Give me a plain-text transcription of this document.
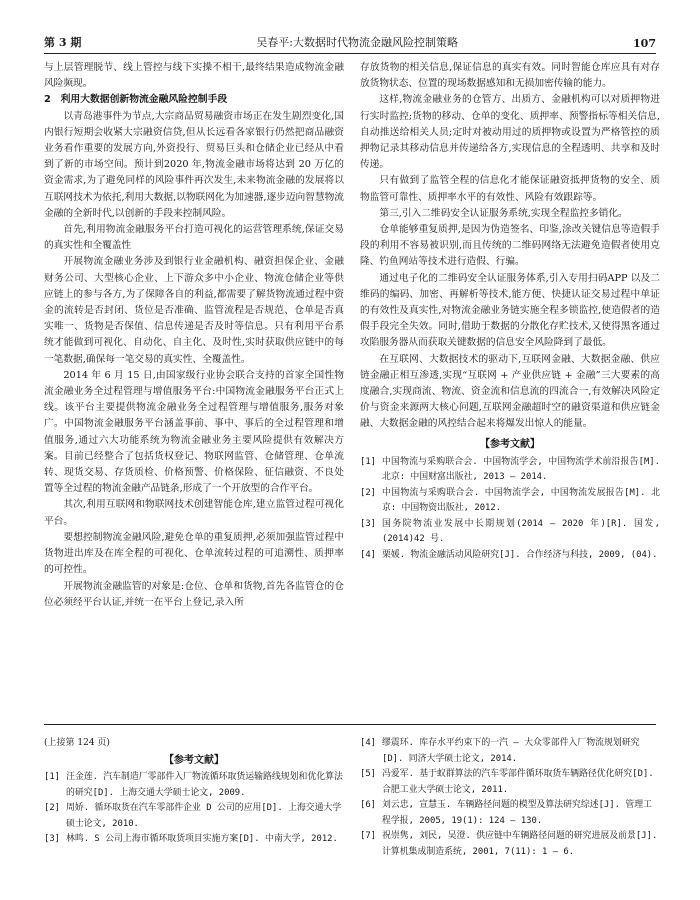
第 3 期	吴春平:大数据时代物流金融风险控制策略	107

与上层管理脱节、线上管控与线下实操不相干,最终结果造成物流金融风险频现。

2　利用大数据创新物流金融风险控制手段

以青岛港事件为节点,大宗商品贸易融资市场正在发生剧烈变化,国内银行短期会收紧大宗融资信贷,但从长远看各家银行仍然把商品融资业务看作重要的发展方向,外资投行、贸易巨头和仓储企业已经从中看到了新的市场空间。预计到2020 年,物流金融市场将达到 20 万亿的资金需求,为了避免同样的风险事件再次发生,未来物流金融的发展将以互联网技术为依托,利用大数据,以物联网化为加速器,逐步迈向智慧物流金融的全新时代,以创新的手段来控制风险。

首先,利用物流金融服务平台打造可视化的运营管理系统,保证交易的真实性和全覆盖性

开展物流金融业务涉及到银行业金融机构、融资担保企业、金融财务公司、大型核心企业、上下游众多中小企业、物流仓储企业等供应链上的参与各方,为了保障各自的利益,都需要了解货物流通过程中资金的流转是否封闭、货位是否准确、监管流程是否规范、仓单是否真实唯一、货物是否保值、信息传递是否及时等信息。只有利用平台系统才能做到可视化、自动化、自主化、及时性,实时获取供应链中的每一笔数据,确保每一笔交易的真实性、全覆盖性。

2014 年 6 月 15 日,由国家级行业协会联合支持的首家全国性物流金融业务全过程管理与增值服务平台:中国物流金融服务平台正式上线。该平台主要提供物流金融业务全过程管理与增值服务,服务对象广。中国物流金融服务平台涵盖事前、事中、事后的全过程管理和增值服务,通过六大功能系统为物流金融业务主要风险提供有效解决方案。目前已经整合了包括货权登记、物联网监管、仓储管理、仓单流转、现货交易、存货质检、价格预警、价格保险、征信融资、不良处置等全过程的物流金融产品链条,形成了一个开放型的合作平台。

其次,利用互联网和物联网技术创建智能仓库,建立监管过程可视化平台。

要想控制物流金融风险,避免仓单的重复质押,必须加强监管过程中货物进出库及在库全程的可视化、仓单流转过程的可追溯性、质押率的可控性。

开展物流金融监管的对象是:仓位、仓单和货物,首先各监管仓的仓位必须经平台认证,并统一在平台上登记,录入所

存放货物的相关信息,保证信息的真实有效。同时智能仓库应具有对存放货物状态、位置的现场数据感知和无损加密传输的能力。

这样,物流金融业务的仓管方、出质方、金融机构可以对质押物进行实时监控;货物的移动、仓单的变化、质押率、预警指标等相关信息,自动推送给相关人员;定时对被动用过的质押物或设置为严格管控的质押物记录其移动信息并传递给各方,实现信息的全程透明、共享和及时传递。

只有做到了监管全程的信息化才能保证融资抵押货物的安全、质物监管可靠性、质押率水平的有效性、风险有效跟踪等。

第三,引入二维码安全认证服务系统,实现全程监控多销化。

仓单能够重复质押,是因为伪造签名、印鉴,涂改关键信息等造假手段的利用不容易被识别,而且传统的二维码网络无法避免造假者使用克隆、钓鱼网站等技术进行造假、行骗。

通过电子化的二维码安全认证服务体系,引入专用扫码APP 以及二维码的编码、加密、再解析等技术,能方便、快捷认证交易过程中单证的有效性及真实性,对物流金融业务链实施全程多锁监控,使造假者的造假手段完全失效。同时,借助于数据的分散化存贮技术,又使得黑客通过攻陷服务器从而获取关键数据的信息安全风险降到了最低。

在互联网、大数据技术的驱动下,互联网金融、大数据金融、供应链金融正相互渗透,实现“互联网 + 产业供应链 + 金融”三大要素的高度融合,实现商流、物流、资金流和信息流的四流合一,有效解决风险定价与资金来源两大核心问题,互联网金融超时空的融资渠道和供应链金融、大数据金融的风控结合起来将爆发出惊人的能量。

【参考文献】
[1] 中国物流与采购联合会. 中国物流学会, 中国物流学术前沿报告[M]. 北京: 中国财富出版社, 2013 – 2014.
[2] 中国物流与采购联合会. 中国物流学会, 中国物流发展报告[M]. 北京: 中国物资出版社, 2012.
[3] 国务院物流业发展中长期规划(2014 – 2020 年)[R]. 国发, (2014)42 号.
[4] 栗媛. 物流金融活动风险研究[J]. 合作经济与科技, 2009, (04).
(上接第 124 页)
【参考文献】
[1] 汪金莲. 汽车制造厂零部件入厂物流循环取货运输路线规划和优化算法的研究[D]. 上海交通大学硕士论文, 2009.
[2] 周娇. 循环取货在汽车零部件企业 D 公司的应用[D]. 上海交通大学硕士论文, 2010.
[3] 林鸣. S 公司上海市循环取货项目实施方案[D]. 中南大学, 2012.
[4] 缪震环. 库存水平约束下的一汽 – 大众零部件入厂物流规划研究[D]. 同济大学硕士论文, 2014.
[5] 冯爱军. 基于蚁群算法的汽车零部件循环取货车辆路径优化研究[D]. 合肥工业大学硕士论文, 2011.
[6] 刘云忠, 宣慧玉. 车辆路径问题的模型及算法研究综述[J]. 管理工程学报, 2005, 19(1): 124 – 130.
[7] 祝崇隽, 刘民, 吴澄. 供应链中车辆路径问题的研究进展及前景[J]. 计算机集成制造系统, 2001, 7(11): 1 – 6.
